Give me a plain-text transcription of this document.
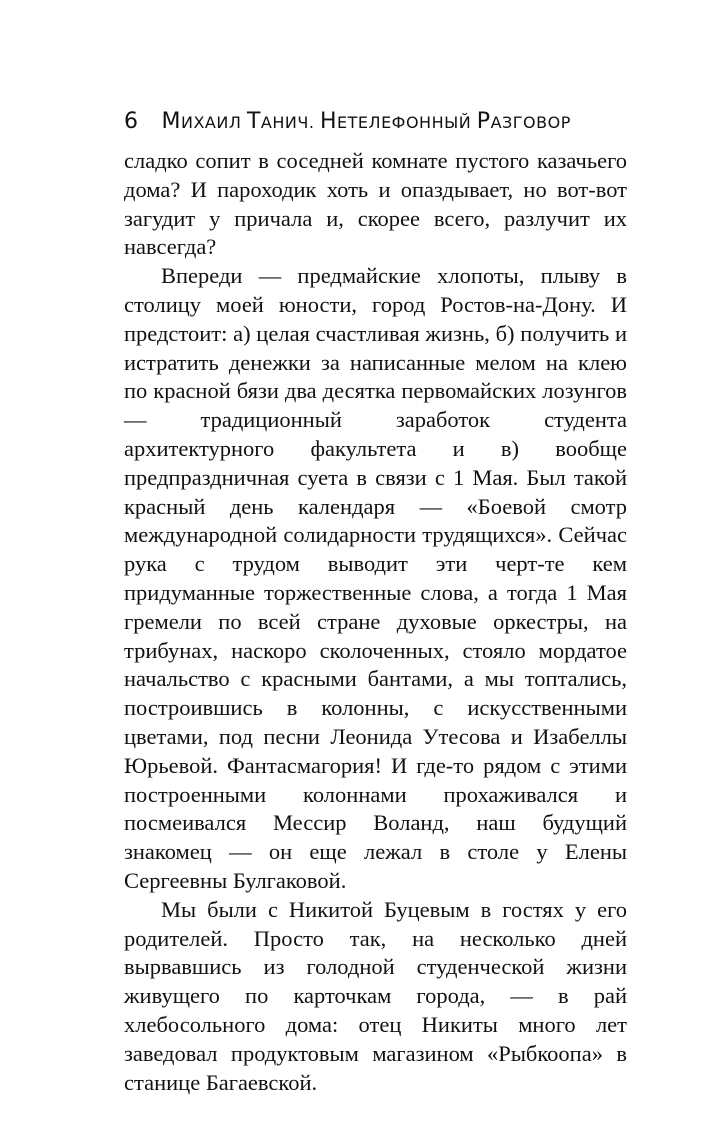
6 МИХАИЛ ТАНИЧ. НЕТЕЛЕФОННЫЙ РАЗГОВОР

сладко сопит в соседней комнате пустого казачьего дома? И пароходик хоть и опаздывает, но вот-вот загудит у причала и, скорее всего, разлучит их навсегда?

Впереди — предмайские хлопоты, плыву в столицу моей юности, город Ростов-на-Дону. И предстоит: а) целая счастливая жизнь, б) получить и истратить денежки за написанные мелом на клею по красной бязи два десятка первомайских лозунгов — традиционный заработок студента архитектурного факультета и в) вообще предпраздничная суета в связи с 1 Мая. Был такой красный день календаря — «Боевой смотр международной солидарности трудящихся». Сейчас рука с трудом выводит эти черт-те кем придуманные торжественные слова, а тогда 1 Мая гремели по всей стране духовые оркестры, на трибунах, наскоро сколоченных, стояло мордатое начальство с красными бантами, а мы топтались, построившись в колонны, с искусственными цветами, под песни Леонида Утесова и Изабеллы Юрьевой. Фантасмагория! И где-то рядом с этими построенными колоннами прохаживался и посмеивался Мессир Воланд, наш будущий знакомец — он еще лежал в столе у Елены Сергеевны Булгаковой.

Мы были с Никитой Буцевым в гостях у его родителей. Просто так, на несколько дней вырвавшись из голодной студенческой жизни живущего по карточкам города, — в рай хлебосольного дома: отец Никиты много лет заведовал продуктовым магазином «Рыбкоопа» в станице Багаевской.
